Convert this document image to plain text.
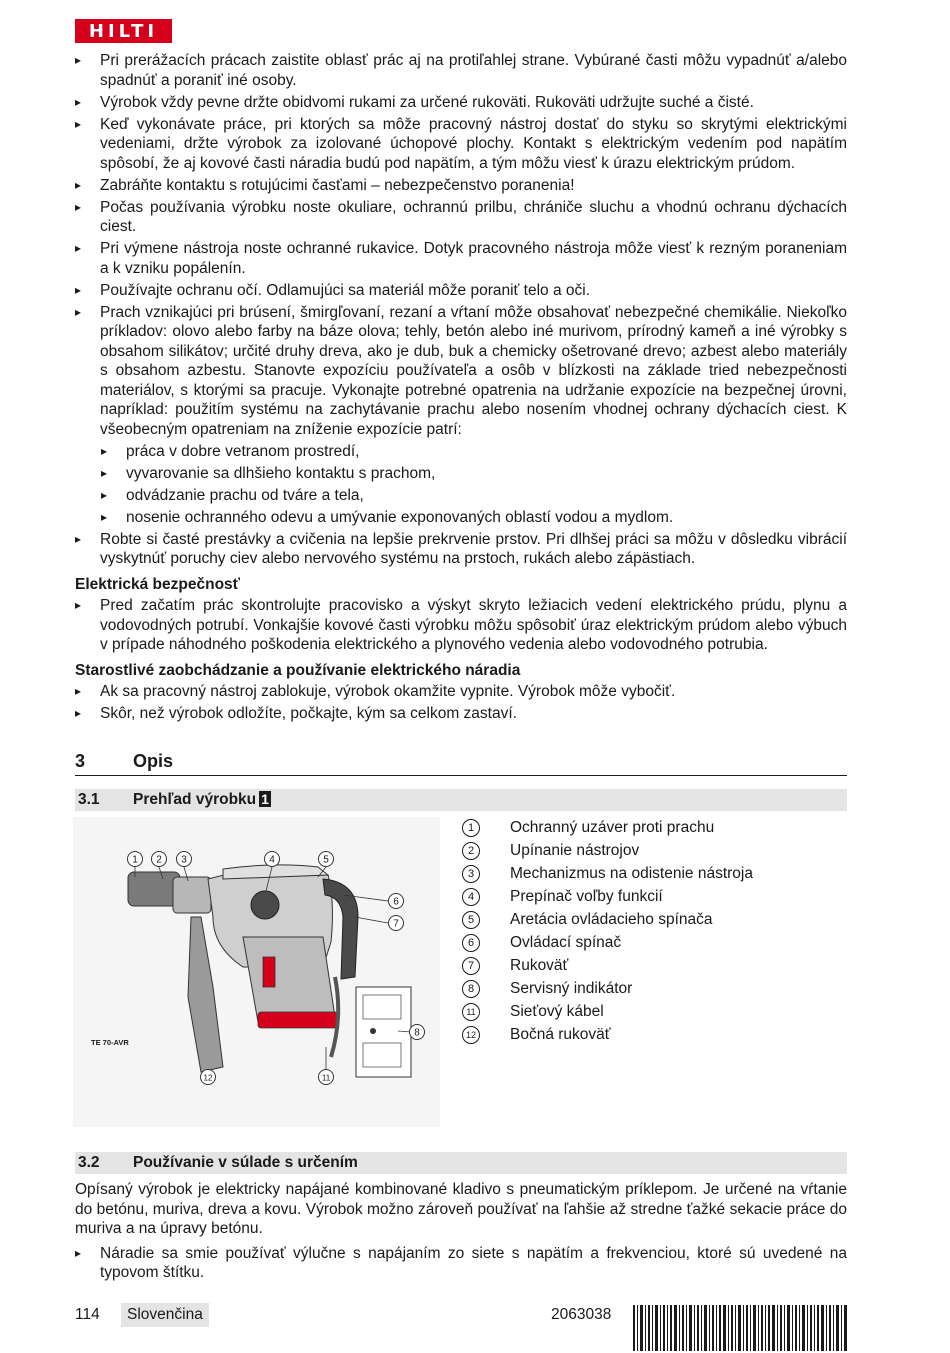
HILTI
▸ Pri prerážacích prácach zaistite oblasť prác aj na protiľahlej strane. Vybúrané časti môžu vypadnúť a/alebo spadnúť a poraniť iné osoby.
▸ Výrobok vždy pevne držte obidvomi rukami za určené rukoväti. Rukoväti udržujte suché a čisté.
▸ Keď vykonávate práce, pri ktorých sa môže pracovný nástroj dostať do styku so skrytými elektrickými vedeniami, držte výrobok za izolované úchopové plochy. Kontakt s elektrickým vedením pod napätím spôsobí, že aj kovové časti náradia budú pod napätím, a tým môžu viesť k úrazu elektrickým prúdom.
▸ Zabráňte kontaktu s rotujúcimi časťami – nebezpečenstvo poranenia!
▸ Počas používania výrobku noste okuliare, ochrannú prilbu, chrániče sluchu a vhodnú ochranu dýchacích ciest.
▸ Pri výmene nástroja noste ochranné rukavice. Dotyk pracovného nástroja môže viesť k rezným poraneniam a k vzniku popálenín.
▸ Používajte ochranu očí. Odlamujúci sa materiál môže poraniť telo a oči.
▸ Prach vznikajúci pri brúsení, šmirgľovaní, rezaní a vŕtaní môže obsahovať nebezpečné chemikálie. Niekoľko príkladov: olovo alebo farby na báze olova; tehly, betón alebo iné murivom, prírodný kameň a iné výrobky s obsahom silikátov; určité druhy dreva, ako je dub, buk a chemicky ošetrované drevo; azbest alebo materiály s obsahom azbestu. Stanovte expozíciu používateľa a osôb v blízkosti na základe tried nebezpečnosti materiálov, s ktorými sa pracuje. Vykonajte potrebné opatrenia na udržanie expozície na bezpečnej úrovni, napríklad: použitím systému na zachytávanie prachu alebo nosením vhodnej ochrany dýchacích ciest. K všeobecným opatreniam na zníženie expozície patrí:
▸ práca v dobre vetranom prostredí,
▸ vyvarovanie sa dlhšieho kontaktu s prachom,
▸ odvádzanie prachu od tváre a tela,
▸ nosenie ochranného odevu a umývanie exponovaných oblastí vodou a mydlom.
▸ Robte si časté prestávky a cvičenia na lepšie prekrvenie prstov. Pri dlhšej práci sa môžu v dôsledku vibrácií vyskytnúť poruchy ciev alebo nervového systému na prstoch, rukách alebo zápästiach.
Elektrická bezpečnosť
▸ Pred začatím prác skontrolujte pracovisko a výskyt skryto ležiacich vedení elektrického prúdu, plynu a vodovodných potrubí. Vonkajšie kovové časti výrobku môžu spôsobiť úraz elektrickým prúdom alebo výbuch v prípade náhodného poškodenia elektrického a plynového vedenia alebo vodovodného potrubia.
Starostlivé zaobchádzanie a používanie elektrického náradia
▸ Ak sa pracovný nástroj zablokuje, výrobok okamžite vypnite. Výrobok môže vybočiť.
▸ Skôr, než výrobok odložíte, počkajte, kým sa celkom zastaví.
3	Opis
3.1 Prehľad výrobku 1
1 2 3	4	5
6
7
8
12	11
TE 70-AVR
1	Ochranný uzáver proti prachu
2	Upínanie nástrojov
3	Mechanizmus na odistenie nástroja
4	Prepínač voľby funkcií
5	Aretácia ovládacieho spínača
6	Ovládací spínač
7	Rukoväť
8	Servisný indikátor
11 Sieťový kábel
12 Bočná rukoväť
3.2 Používanie v súlade s určením
Opísaný výrobok je elektricky napájané kombinované kladivo s pneumatickým príklepom. Je určené na vŕtanie do betónu, muriva, dreva a kovu. Výrobok možno zároveň používať na ľahšie až stredne ťažké sekacie práce do muriva a na úpravy betónu.
▸ Náradie sa smie používať výlučne s napájaním zo siete s napätím a frekvenciou, ktoré sú uvedené na typovom štítku.
114	Slovenčina	2063038
